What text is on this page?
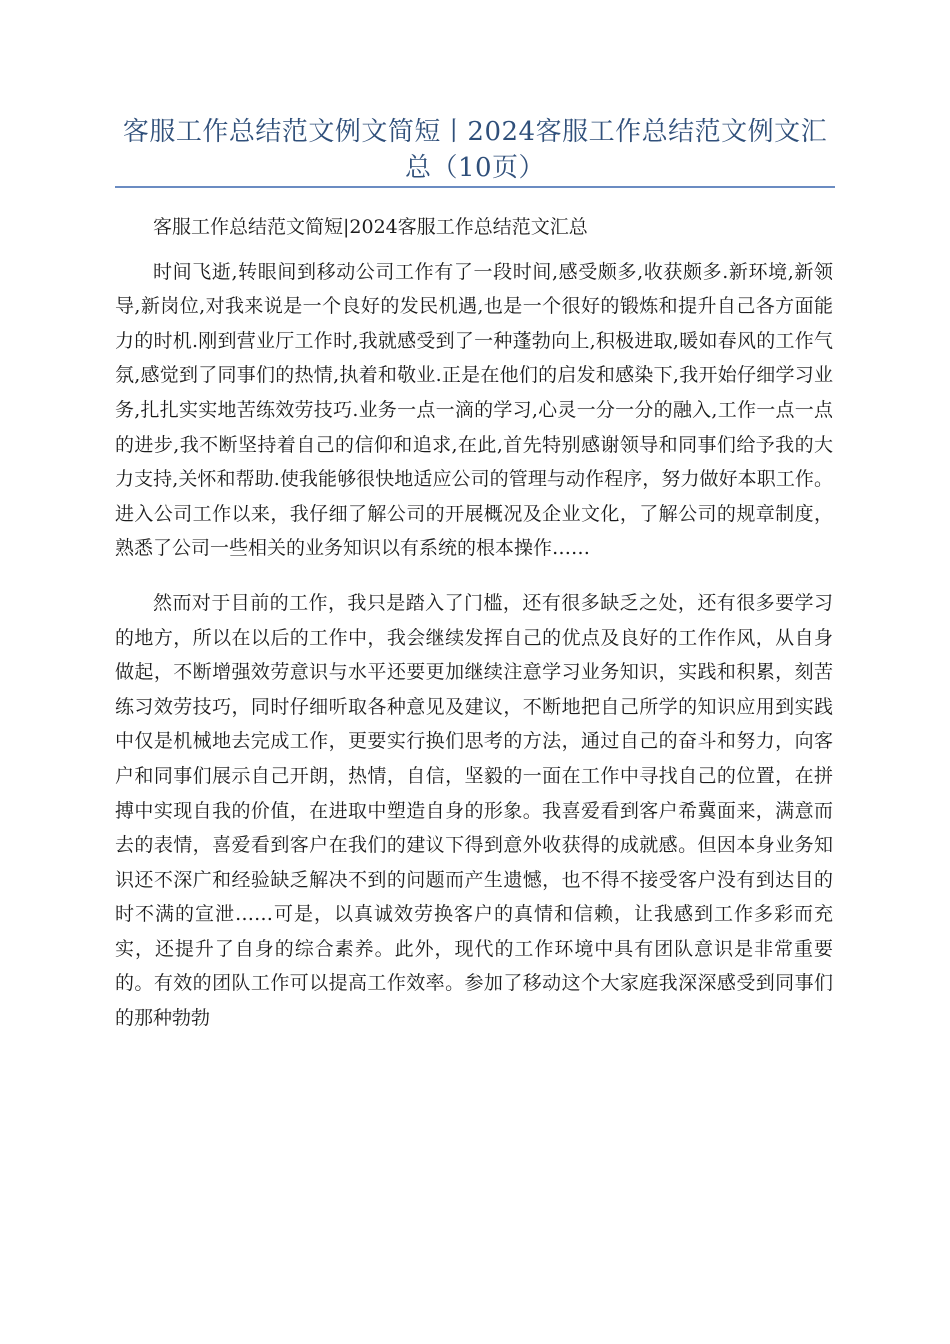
客服工作总结范文例文简短丨2024客服工作总结范文例文汇总（10页）

客服工作总结范文简短|2024客服工作总结范文汇总

时间飞逝,转眼间到移动公司工作有了一段时间,感受颇多,收获颇多.新环境,新领导,新岗位,对我来说是一个良好的发民机遇,也是一个很好的锻炼和提升自己各方面能力的时机.刚到营业厅工作时,我就感受到了一种蓬勃向上,积极进取,暖如春风的工作气氛,感觉到了同事们的热情,执着和敬业.正是在他们的启发和感染下,我开始仔细学习业务,扎扎实实地苦练效劳技巧.业务一点一滴的学习,心灵一分一分的融入,工作一点一点的进步,我不断坚持着自己的信仰和追求,在此,首先特别感谢领导和同事们给予我的大力支持,关怀和帮助.使我能够很快地适应公司的管理与动作程序，努力做好本职工作。进入公司工作以来，我仔细了解公司的开展概况及企业文化，了解公司的规章制度，熟悉了公司一些相关的业务知识以有系统的根本操作……

然而对于目前的工作，我只是踏入了门槛，还有很多缺乏之处，还有很多要学习的地方，所以在以后的工作中，我会继续发挥自己的优点及良好的工作作风，从自身做起，不断增强效劳意识与水平还要更加继续注意学习业务知识，实践和积累，刻苦练习效劳技巧，同时仔细听取各种意见及建议，不断地把自己所学的知识应用到实践中仅是机械地去完成工作，更要实行换们思考的方法，通过自己的奋斗和努力，向客户和同事们展示自己开朗，热情，自信，坚毅的一面在工作中寻找自己的位置，在拼搏中实现自我的价值，在进取中塑造自身的形象。我喜爱看到客户希冀面来，满意而去的表情，喜爱看到客户在我们的建议下得到意外收获得的成就感。但因本身业务知识还不深广和经验缺乏解决不到的问题而产生遗憾，也不得不接受客户没有到达目的时不满的宣泄……可是，以真诚效劳换客户的真情和信赖，让我感到工作多彩而充实，还提升了自身的综合素养。此外，现代的工作环境中具有团队意识是非常重要的。有效的团队工作可以提高工作效率。参加了移动这个大家庭我深深感受到同事们的那种勃勃
